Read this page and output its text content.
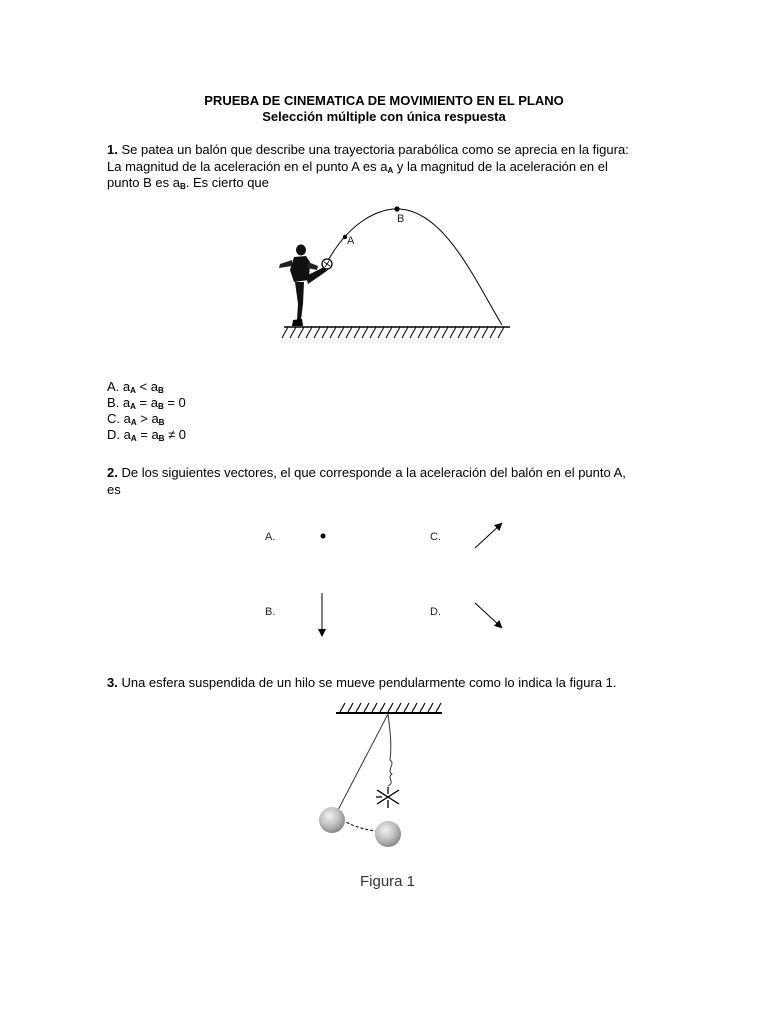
PRUEBA DE CINEMATICA DE MOVIMIENTO EN EL PLANO
Selección múltiple con única respuesta
1. Se patea un balón que describe una trayectoria parabólica como se aprecia en la figura:
La magnitud de la aceleración en el punto A es $a_A$ y la magnitud de la aceleración en el
punto B es $a_B$. Es cierto que
A
B
A. $a_A < a_B$
B. $a_A = a_B = 0$
C. $a_A > a_B$
D. $a_A = a_B \ne 0$
2. De los siguientes vectores, el que corresponde a la aceleración del balón en el punto A,
es
A.	C.
B.	D.
3. Una esfera suspendida de un hilo se mueve pendularmente como lo indica la figura 1.
Figura 1
